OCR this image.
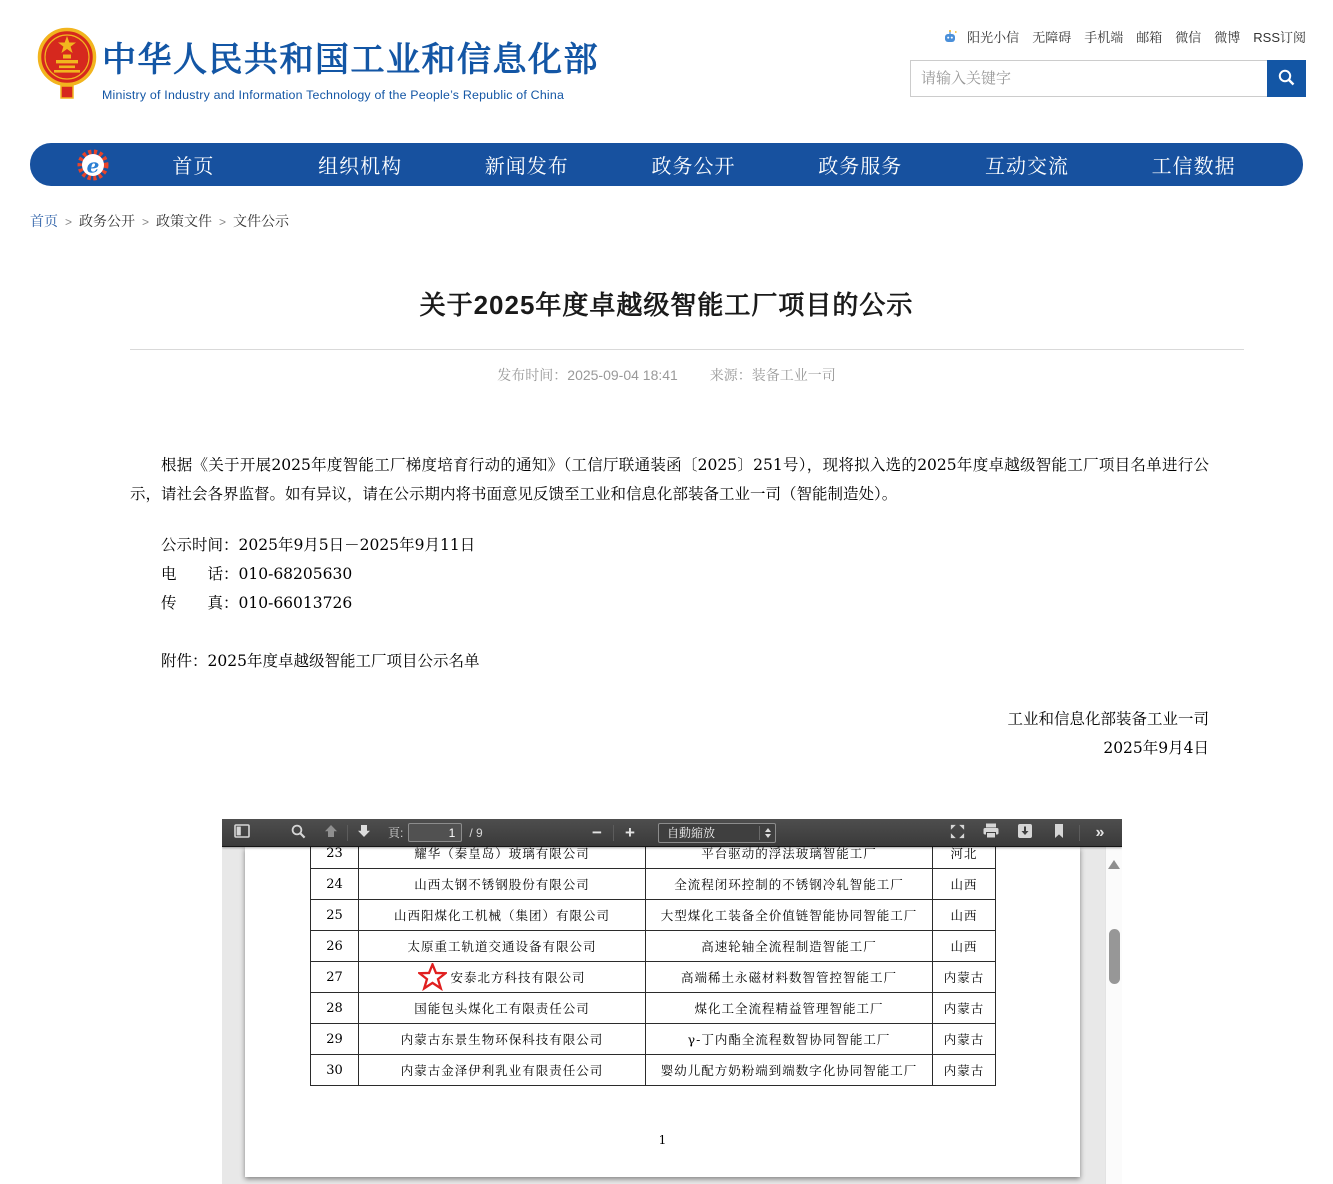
中华人民共和国工业和信息化部
Ministry of Industry and Information Technology of the People’s Republic of China
阳光小信 无障碍 手机端 邮箱 微信 微博 RSS订阅
请输入关键字
e	首页	组织机构	新闻发布	政务公开	政务服务	互动交流	工信数据
首页 > 政务公开 > 政策文件 > 文件公示
关于2025年度卓越级智能工厂项目的公示
发布时间：2025-09-04 18:41 来源：装备工业一司

根据《关于开展2025年度智能工厂梯度培育行动的通知》（工信厅联通装函〔2025〕251号），现将拟入选的2025年度卓越级智能工厂项目名单进行公示，请社会各界监督。如有异议，请在公示期内将书面意见反馈至工业和信息化部装备工业一司（智能制造处）。

公示时间：2025年9月5日－2025年9月11日

电　　话：010-68205630

传　　真：010-66013726

附件：2025年度卓越级智能工厂项目公示名单

工业和信息化部装备工业一司

2025年9月4日

頁:
1	/ 9	− +	自動縮放	»
23	耀华（秦皇岛）玻璃有限公司	平台驱动的浮法玻璃智能工厂	河北
24	山西太钢不锈钢股份有限公司	全流程闭环控制的不锈钢冷轧智能工厂	山西
25	山西阳煤化工机械（集团）有限公司	大型煤化工装备全价值链智能协同智能工厂	山西
26	太原重工轨道交通设备有限公司	高速轮轴全流程制造智能工厂	山西
27	安泰北方科技有限公司	高端稀土永磁材料数智管控智能工厂	内蒙古
28	国能包头煤化工有限责任公司	煤化工全流程精益管理智能工厂	内蒙古
29	内蒙古东景生物环保科技有限公司	γ-丁内酯全流程数智协同智能工厂	内蒙古
30	内蒙古金泽伊利乳业有限责任公司	婴幼儿配方奶粉端到端数字化协同智能工厂	内蒙古
1
